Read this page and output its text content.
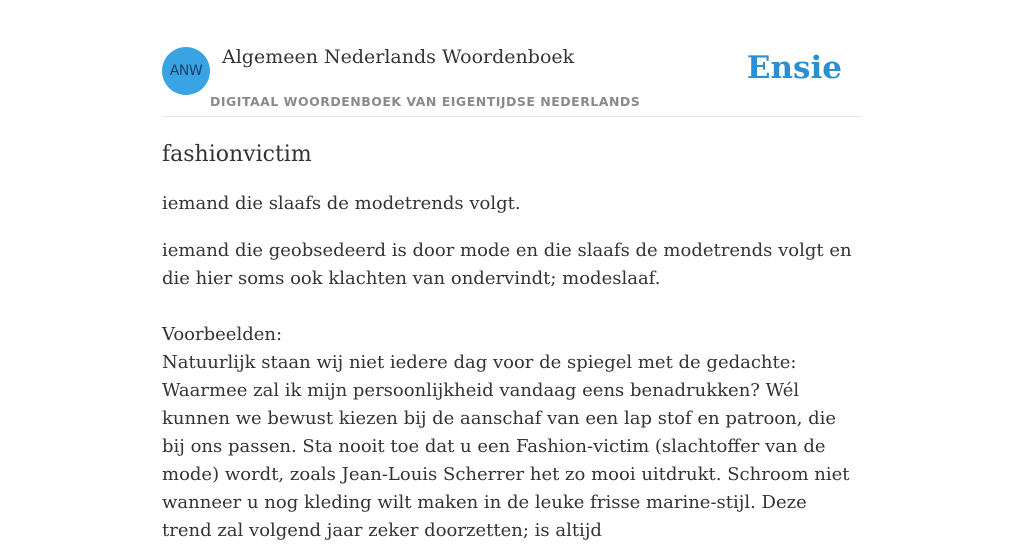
ANW
Algemeen Nederlands Woordenboek
DIGITAAL WOORDENBOEK VAN EIGENTIJDSE NEDERLANDS
Ensie
fashionvictim

iemand die slaafs de modetrends volgt.

iemand die geobsedeerd is door mode en die slaafs de modetrends volgt en die hier soms ook klachten van ondervindt; modeslaaf.

Voorbeelden:

Natuurlijk staan wij niet iedere dag voor de spiegel met de gedachte: Waarmee zal ik mijn persoonlijkheid vandaag eens benadrukken? Wél kunnen we bewust kiezen bij de aanschaf van een lap stof en patroon, die bij ons passen. Sta nooit toe dat u een Fashion-victim (slachtoffer van de mode) wordt, zoals Jean-Louis Scherrer het zo mooi uitdrukt. Schroom niet wanneer u nog kleding wilt maken in de leuke frisse marine-stijl. Deze trend zal volgend jaar zeker doorzetten; is altijd
